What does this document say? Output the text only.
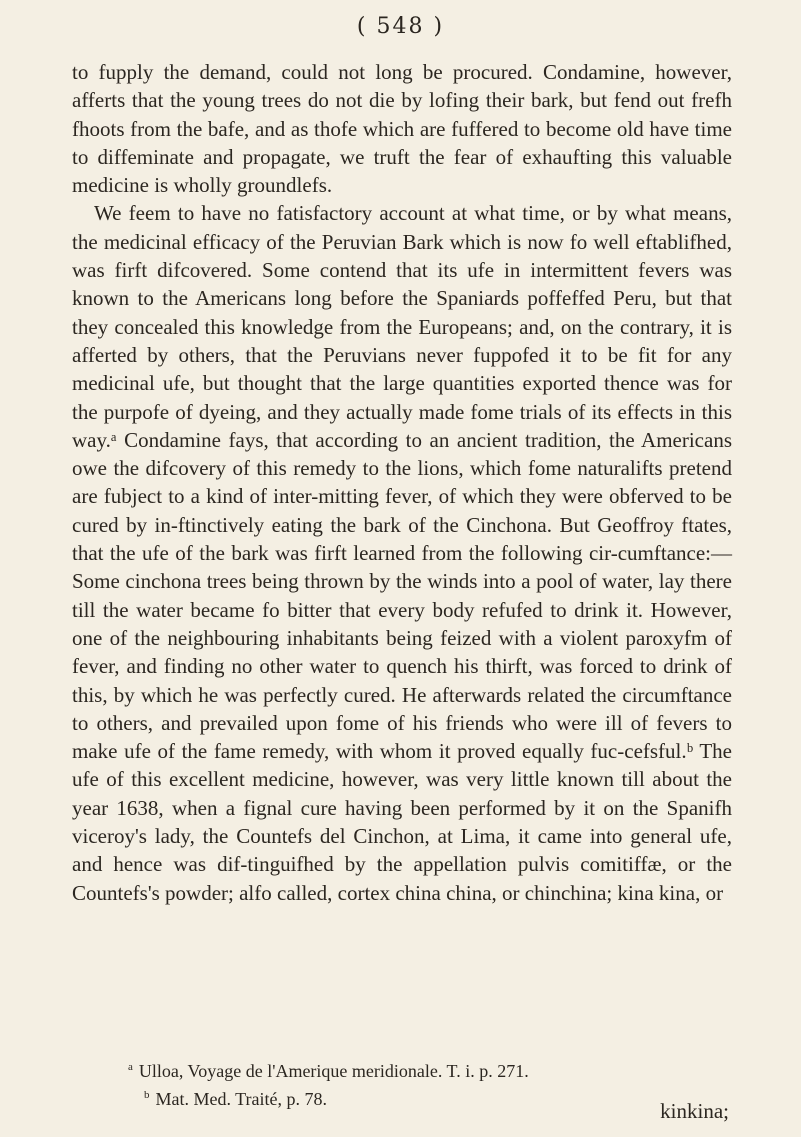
( 548 )

to fupply the demand, could not long be procured. Condamine, however, afferts that the young trees do not die by lofing their bark, but fend out frefh fhoots from the bafe, and as thofe which are fuffered to become old have time to diffeminate and propagate, we truft the fear of exhaufting this valuable medicine is wholly groundlefs.

We feem to have no fatisfactory account at what time, or by what means, the medicinal efficacy of the Peruvian Bark which is now fo well eftablifhed, was firft difcovered. Some contend that its ufe in intermittent fevers was known to the Americans long before the Spaniards poffeffed Peru, but that they concealed this knowledge from the Europeans; and, on the contrary, it is afferted by others, that the Peruvians never fuppofed it to be fit for any medicinal ufe, but thought that the large quantities exported thence was for the purpofe of dyeing, and they actually made fome trials of its effects in this way.ᵃ Condamine fays, that according to an ancient tradition, the Americans owe the difcovery of this remedy to the lions, which fome naturalifts pretend are fubject to a kind of inter-mitting fever, of which they were obferved to be cured by in-ftinctively eating the bark of the Cinchona. But Geoffroy ftates, that the ufe of the bark was firft learned from the following cir-cumftance:—Some cinchona trees being thrown by the winds into a pool of water, lay there till the water became fo bitter that every body refufed to drink it. However, one of the neighbouring inhabitants being feized with a violent paroxyfm of fever, and finding no other water to quench his thirft, was forced to drink of this, by which he was perfectly cured. He afterwards related the circumftance to others, and prevailed upon fome of his friends who were ill of fevers to make ufe of the fame remedy, with whom it proved equally fuc-cefsful.ᵇ The ufe of this excellent medicine, however, was very little known till about the year 1638, when a fignal cure having been performed by it on the Spanifh viceroy's lady, the Countefs del Cinchon, at Lima, it came into general ufe, and hence was dif-tinguifhed by the appellation pulvis comitiffæ, or the Countefs's powder; alfo called, cortex china china, or chinchina; kina kina, or

$^a$ Ulloa, Voyage de l'Amerique meridionale. T. i. p. 271.

$^b$ Mat. Med. Traité, p. 78.	kinkina;
